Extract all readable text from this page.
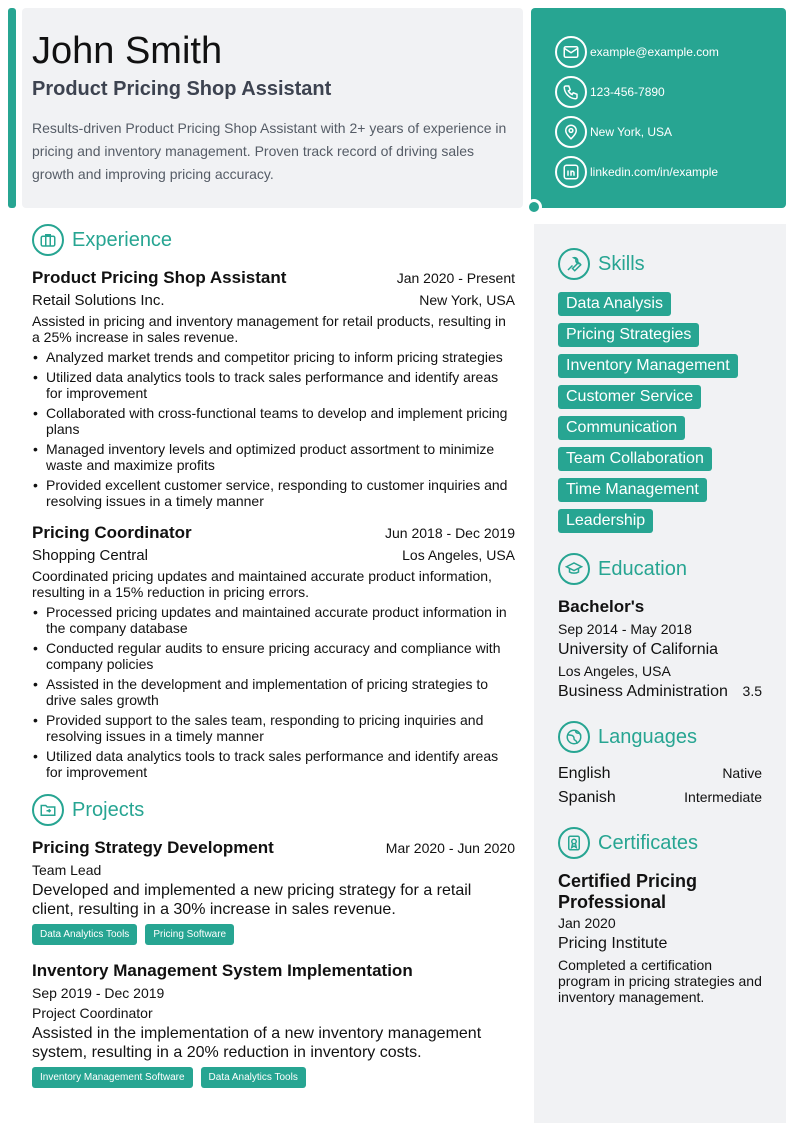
John Smith
Product Pricing Shop Assistant

Results-driven Product Pricing Shop Assistant with 2+ years of experience in pricing and inventory management. Proven track record of driving sales growth and improving pricing accuracy.

example@example.com
123-456-7890
New York, USA
linkedin.com/in/example
Experience
Product Pricing Shop Assistant	Jan 2020 - Present
Retail Solutions Inc.	New York, USA

Assisted in pricing and inventory management for retail products, resulting in a 25% increase in sales revenue.

• Analyzed market trends and competitor pricing to inform pricing strategies
• Utilized data analytics tools to track sales performance and identify areas for improvement
• Collaborated with cross-functional teams to develop and implement pricing plans
• Managed inventory levels and optimized product assortment to minimize waste and maximize profits
• Provided excellent customer service, responding to customer inquiries and resolving issues in a timely manner
Pricing Coordinator	Jun 2018 - Dec 2019
Shopping Central	Los Angeles, USA

Coordinated pricing updates and maintained accurate product information, resulting in a 15% reduction in pricing errors.

• Processed pricing updates and maintained accurate product information in the company database
• Conducted regular audits to ensure pricing accuracy and compliance with company policies
• Assisted in the development and implementation of pricing strategies to drive sales growth
• Provided support to the sales team, responding to pricing inquiries and resolving issues in a timely manner
• Utilized data analytics tools to track sales performance and identify areas for improvement
Projects
Pricing Strategy Development	Mar 2020 - Jun 2020
Team Lead

Developed and implemented a new pricing strategy for a retail client, resulting in a 30% increase in sales revenue.

Data Analytics Tools	Pricing Software
Inventory Management System Implementation
Sep 2019 - Dec 2019
Project Coordinator

Assisted in the implementation of a new inventory management system, resulting in a 20% reduction in inventory costs.

Inventory Management Software	Data Analytics Tools
Skills
Data Analysis
Pricing Strategies
Inventory Management
Customer Service
Communication
Team Collaboration
Time Management
Leadership
Education
Bachelor's
Sep 2014 - May 2018
University of California
Los Angeles, USA
Business Administration 3.5
Languages
English	Native
Spanish	Intermediate
Certificates
Certified Pricing Professional
Jan 2020
Pricing Institute

Completed a certification program in pricing strategies and inventory management.
